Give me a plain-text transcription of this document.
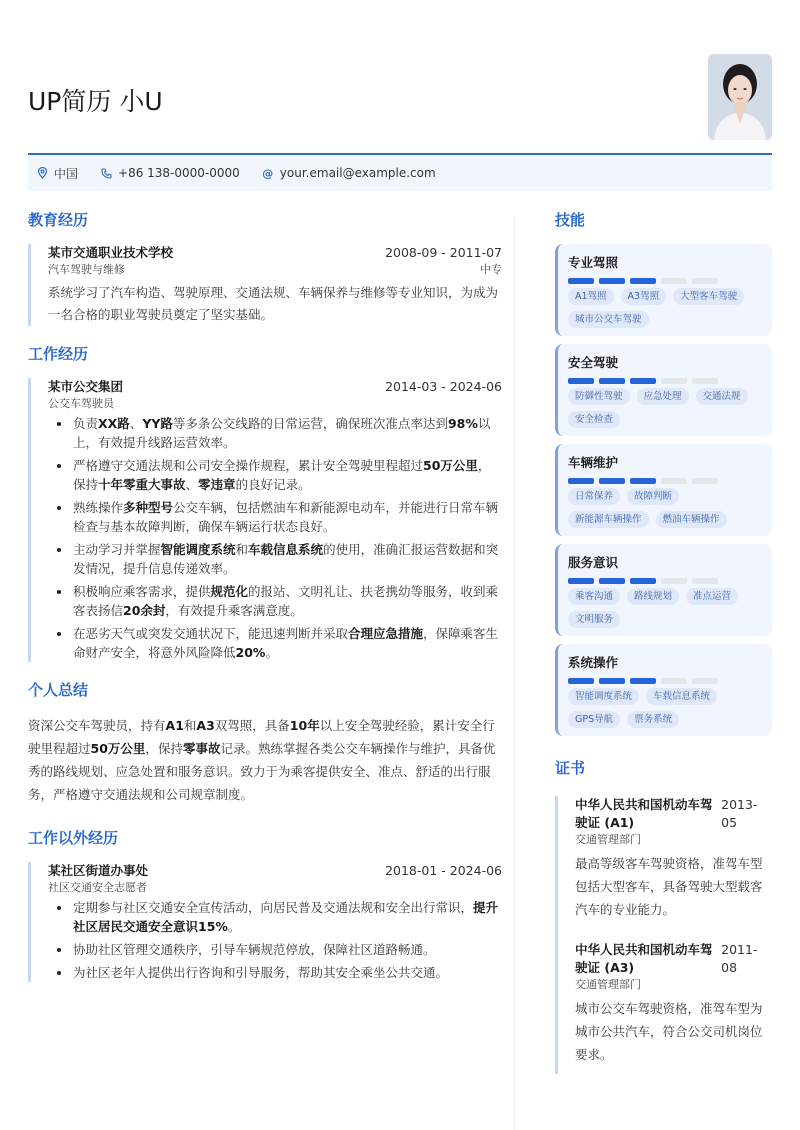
UP简历 小U
中国	+86 138-0000-0000 @ your.email@example.com
教育经历
某市交通职业技术学校	2008-09 - 2011-07
汽车驾驶与维修	中专
系统学习了汽车构造、驾驶原理、交通法规、车辆保养与维修等专业知识，为成为一名合格的职业驾驶员奠定了坚实基础。
工作经历
某市公交集团	2014-03 - 2024-06
公交车驾驶员
负责XX路、YY路等多条公交线路的日常运营，确保班次准点率达到98%以上，有效提升线路运营效率。
严格遵守交通法规和公司安全操作规程，累计安全驾驶里程超过50万公里，保持十年零重大事故、零违章的良好记录。
熟练操作多种型号公交车辆，包括燃油车和新能源电动车，并能进行日常车辆检查与基本故障判断，确保车辆运行状态良好。
主动学习并掌握智能调度系统和车载信息系统的使用，准确汇报运营数据和突发情况，提升信息传递效率。
积极响应乘客需求，提供规范化的报站、文明礼让、扶老携幼等服务，收到乘客表扬信20余封，有效提升乘客满意度。
在恶劣天气或突发交通状况下，能迅速判断并采取合理应急措施，保障乘客生命财产安全，将意外风险降低20%。
个人总结
资深公交车驾驶员，持有A1和A3双驾照，具备10年以上安全驾驶经验，累计安全行驶里程超过50万公里，保持零事故记录。熟练掌握各类公交车辆操作与维护，具备优秀的路线规划、应急处置和服务意识。致力于为乘客提供安全、准点、舒适的出行服务，严格遵守交通法规和公司规章制度。
工作以外经历
某社区街道办事处	2018-01 - 2024-06
社区交通安全志愿者
定期参与社区交通安全宣传活动，向居民普及交通法规和安全出行常识，提升社区居民交通安全意识15%。
协助社区管理交通秩序，引导车辆规范停放，保障社区道路畅通。
为社区老年人提供出行咨询和引导服务，帮助其安全乘坐公共交通。
技能
专业驾照
A1驾照	A3驾照	大型客车驾驶
城市公交车驾驶
安全驾驶
防御性驾驶	应急处理	交通法规
安全检查
车辆维护
日常保养	故障判断
新能源车辆操作	燃油车辆操作
服务意识
乘客沟通	路线规划	准点运营
文明服务
系统操作
智能调度系统	车载信息系统
GPS导航	票务系统
证书
中华人民共和国机动车驾驶证 (A1)
2013-05
交通管理部门
最高等级客车驾驶资格，准驾车型包括大型客车，具备驾驶大型载客汽车的专业能力。
中华人民共和国机动车驾驶证 (A3)
2011-08
交通管理部门
城市公交车驾驶资格，准驾车型为城市公共汽车，符合公交司机岗位要求。
